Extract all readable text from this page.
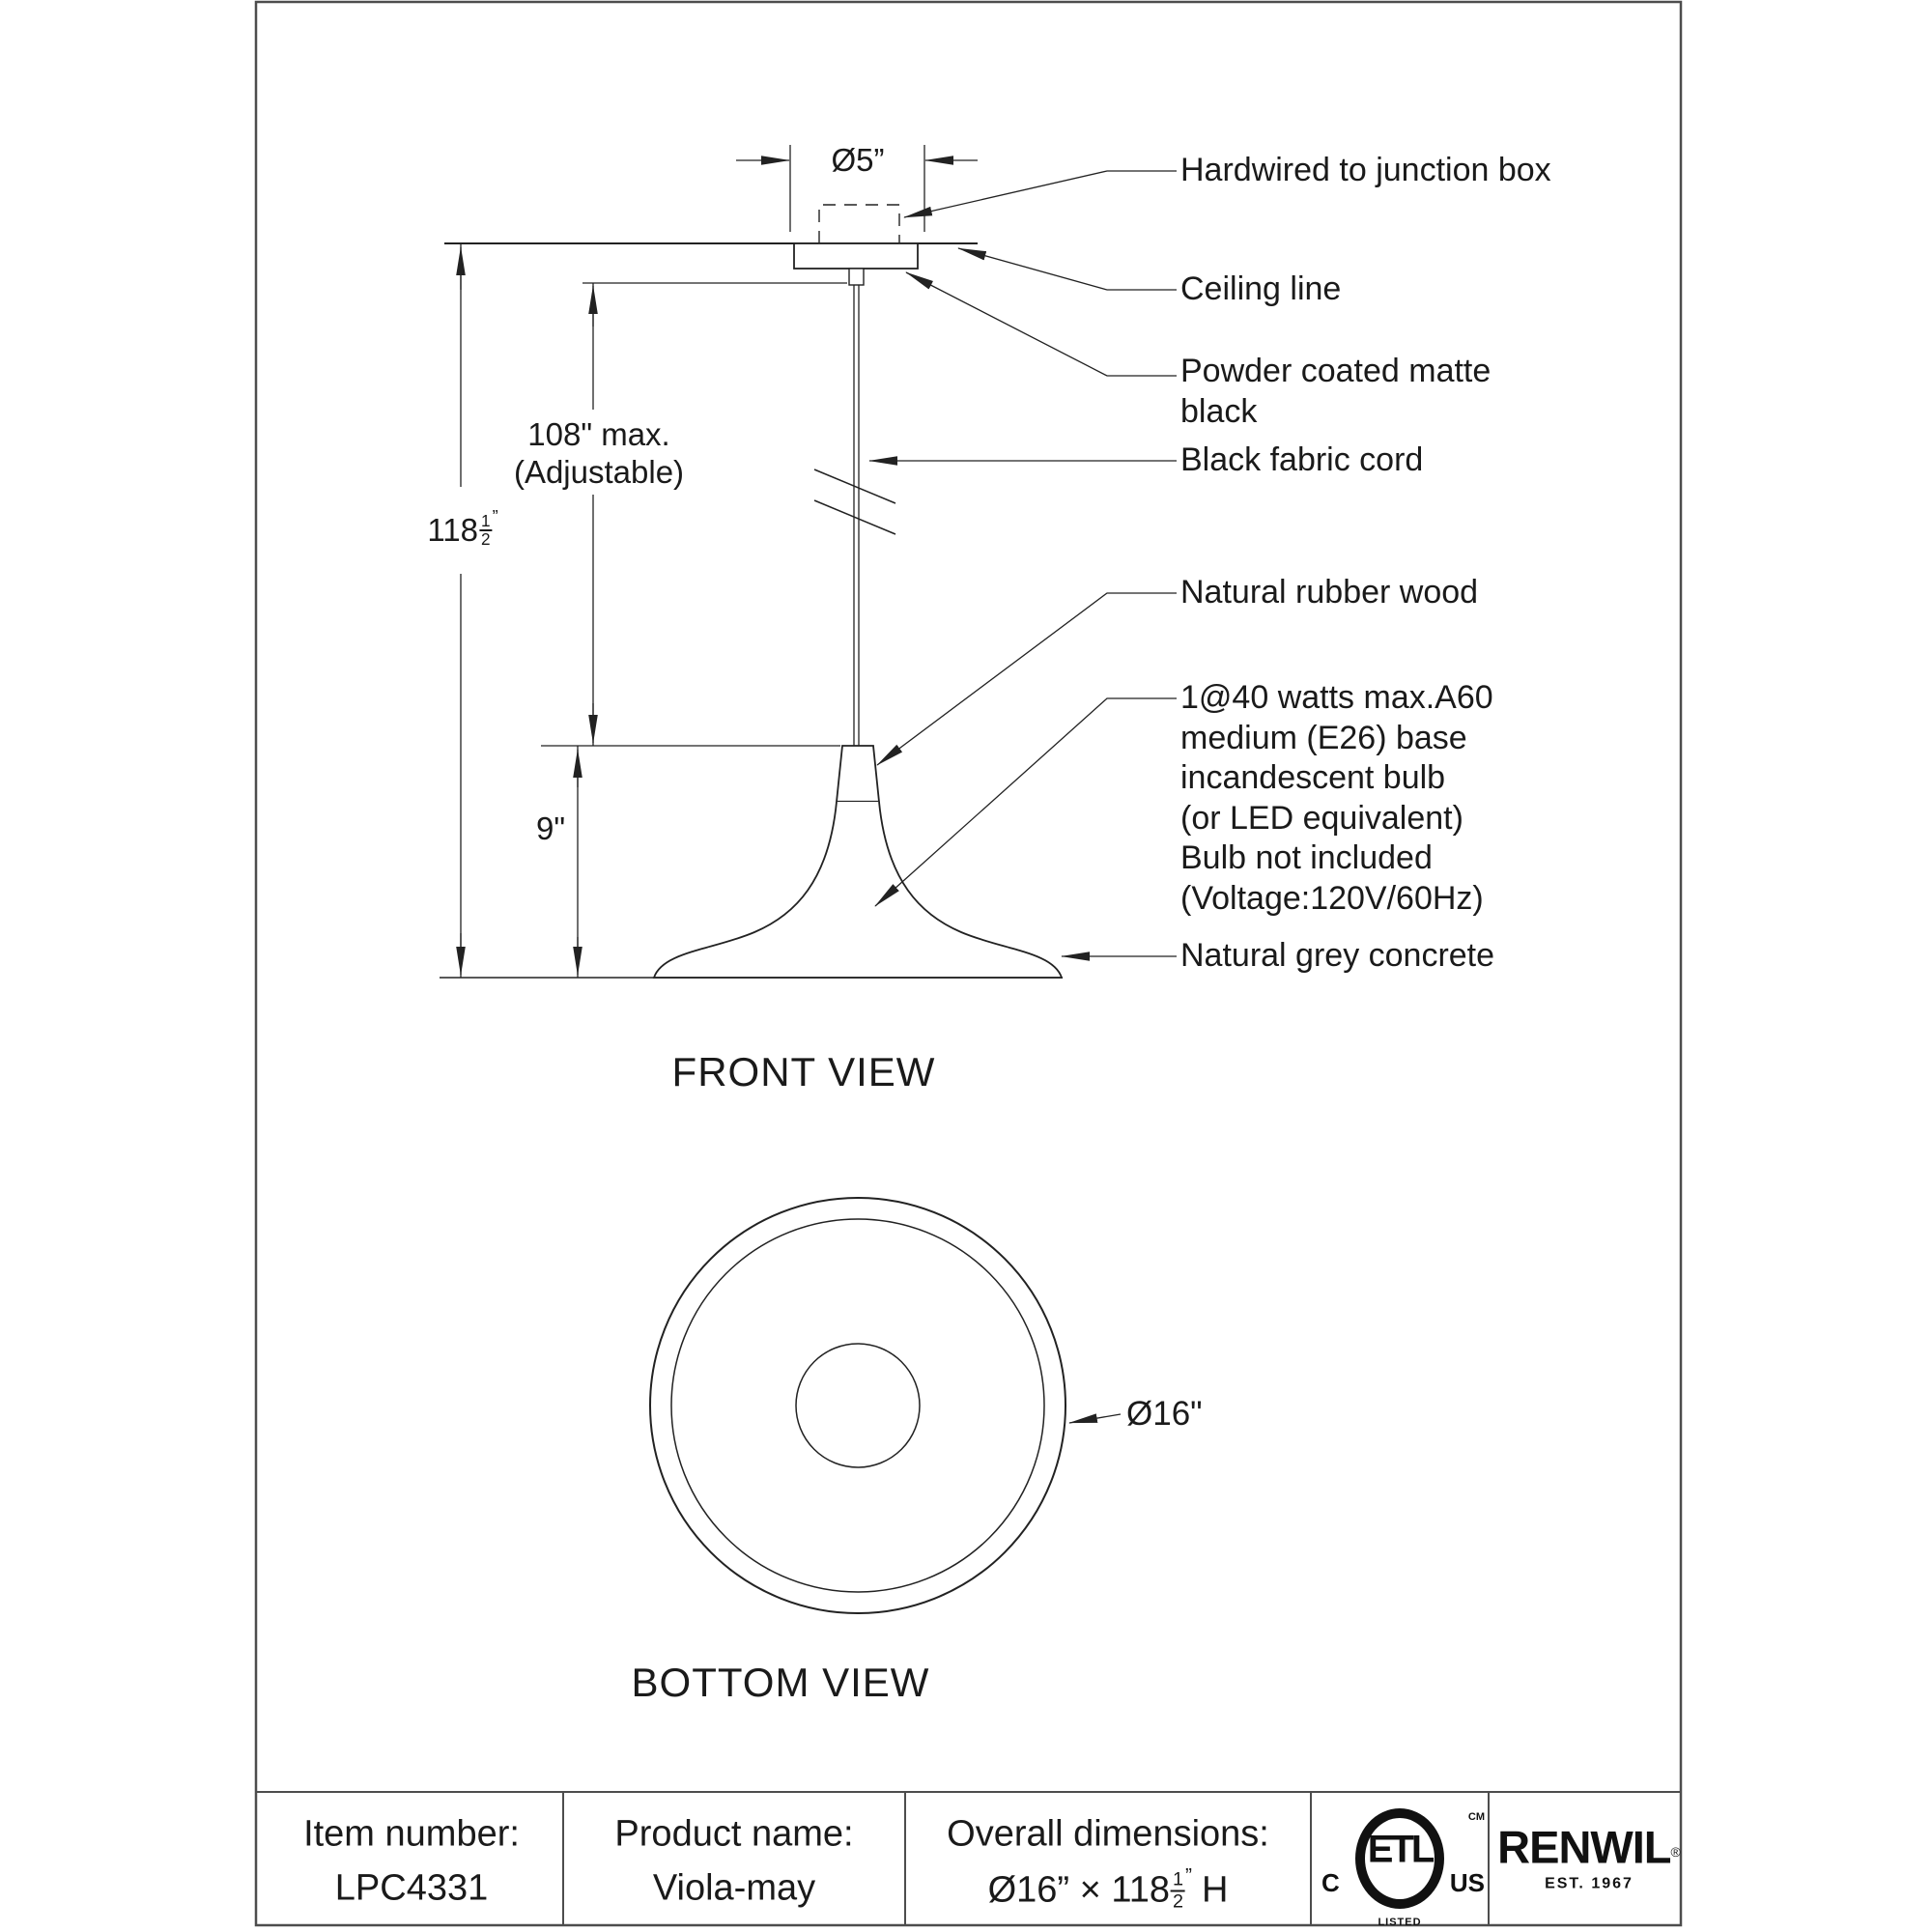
Ø5”
108" max.
(Adjustable)
$118 \frac{1}{2}$ ”
9"
Hardwired to junction box
Ceiling line
Powder coated matte
black
Black fabric cord
Natural rubber wood
1@40 watts max.A60
medium (E26) base
incandescent bulb
(or LED equivalent)
Bulb not included
(Voltage:120V/60Hz)
Natural grey concrete
FRONT VIEW
BOTTOM VIEW
Ø16"
Item number:
LPC4331
Product name:
Viola-may
Overall dimensions:
Ø16” × $118 \frac{1}{2}$ ” H	C
ETL
CM
LISTED
US
RENWIL®
EST. 1967
